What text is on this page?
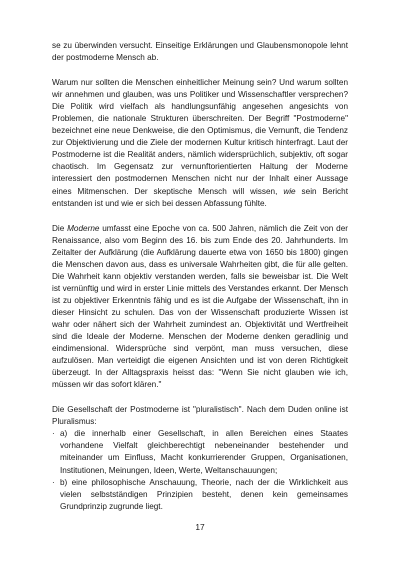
se zu überwinden versucht. Einseitige Erklärungen und Glaubensmonopole lehnt der postmoderne Mensch ab.

Warum nur sollten die Menschen einheitlicher Meinung sein? Und warum sollten wir annehmen und glauben, was uns Politiker und Wissenschaftler versprechen? Die Politik wird vielfach als handlungsunfähig angesehen angesichts von Problemen, die nationale Strukturen überschreiten. Der Begriff "Postmoderne" bezeichnet eine neue Denkweise, die den Optimismus, die Vernunft, die Tendenz zur Objektivierung und die Ziele der modernen Kultur kritisch hinterfragt. Laut der Postmoderne ist die Realität anders, nämlich widersprüchlich, subjektiv, oft sogar chaotisch. Im Gegensatz zur vernunftorientierten Haltung der Moderne interessiert den postmodernen Menschen nicht nur der Inhalt einer Aussage eines Mitmenschen. Der skeptische Mensch will wissen, wie sein Bericht entstanden ist und wie er sich bei dessen Abfassung fühlte.

Die Moderne umfasst eine Epoche von ca. 500 Jahren, nämlich die Zeit von der Renaissance, also vom Beginn des 16. bis zum Ende des 20. Jahrhunderts. Im Zeitalter der Aufklärung (die Aufklärung dauerte etwa von 1650 bis 1800) gingen die Menschen davon aus, dass es universale Wahrheiten gibt, die für alle gelten. Die Wahrheit kann objektiv verstanden werden, falls sie beweisbar ist. Die Welt ist vernünftig und wird in erster Linie mittels des Verstandes erkannt. Der Mensch ist zu objektiver Erkenntnis fähig und es ist die Aufgabe der Wissenschaft, ihn in dieser Hinsicht zu schulen. Das von der Wissenschaft produzierte Wissen ist wahr oder nähert sich der Wahrheit zumindest an. Objektivität und Wertfreiheit sind die Ideale der Moderne. Menschen der Moderne denken geradlinig und eindimensional. Widersprüche sind verpönt, man muss versuchen, diese aufzulösen. Man verteidigt die eigenen Ansichten und ist von deren Richtigkeit überzeugt. In der Alltagspraxis heisst das: "Wenn Sie nicht glauben wie ich, müssen wir das sofort klären."

Die Gesellschaft der Postmoderne ist "pluralistisch". Nach dem Duden online ist Pluralismus:

· a) die innerhalb einer Gesellschaft, in allen Bereichen eines Staates vorhandene Vielfalt gleichberechtigt nebeneinander bestehender und miteinander um Einfluss, Macht konkurrierender Gruppen, Organisationen, Institutionen, Meinungen, Ideen, Werte, Weltanschauungen;
· b) eine philosophische Anschauung, Theorie, nach der die Wirklichkeit aus vielen selbstständigen Prinzipien besteht, denen kein gemeinsames Grundprinzip zugrunde liegt.
17
